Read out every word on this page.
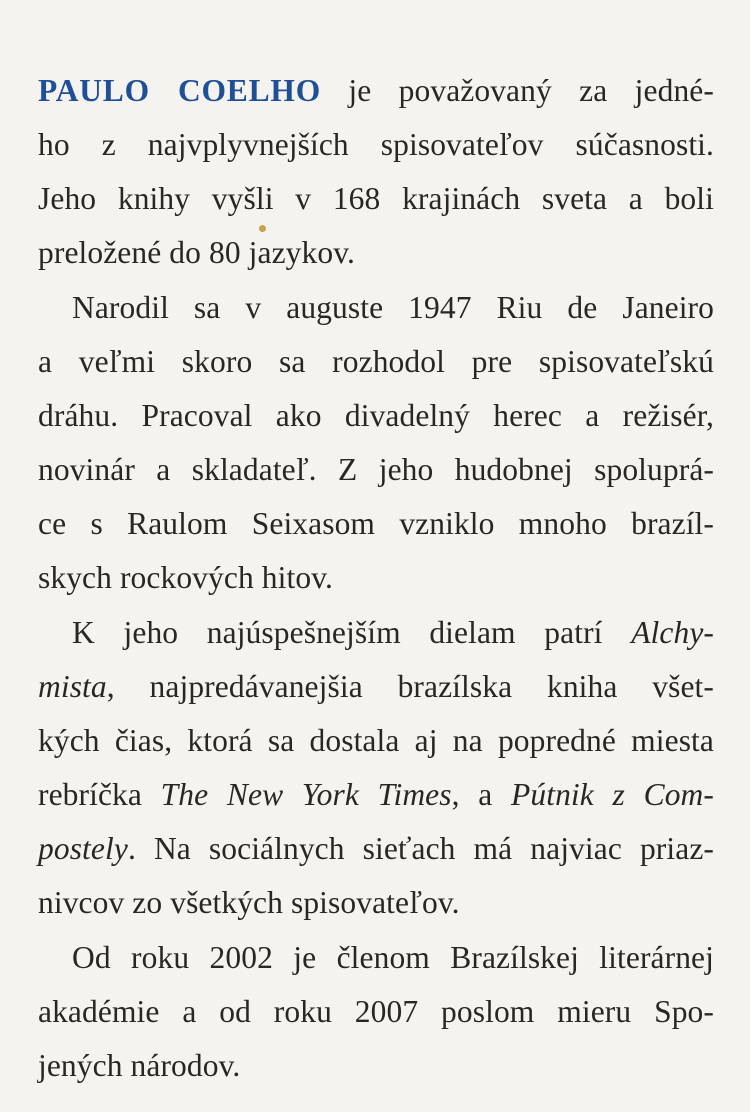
PAULO COELHO je považovaný za jedné-
ho z najvplyvnejších spisovateľov súčasnosti.
Jeho knihy vyšli v 168 krajinách sveta a boli
preložené do 80 jazykov.
Narodil sa v auguste 1947 Riu de Janeiro
a veľmi skoro sa rozhodol pre spisovateľskú
dráhu. Pracoval ako divadelný herec a režisér,
novinár a skladateľ. Z jeho hudobnej spoluprá-
ce s Raulom Seixasom vzniklo mnoho brazíl-
skych rockových hitov.
K jeho najúspešnejším dielam patrí Alchy-
mista, najpredávanejšia brazílska kniha všet-
kých čias, ktorá sa dostala aj na popredné miesta
rebríčka The New York Times, a Pútnik z Com-
postely. Na sociálnych sieťach má najviac priaz-
nivcov zo všetkých spisovateľov.
Od roku 2002 je členom Brazílskej literárnej
akadémie a od roku 2007 poslom mieru Spo-
jených národov.
